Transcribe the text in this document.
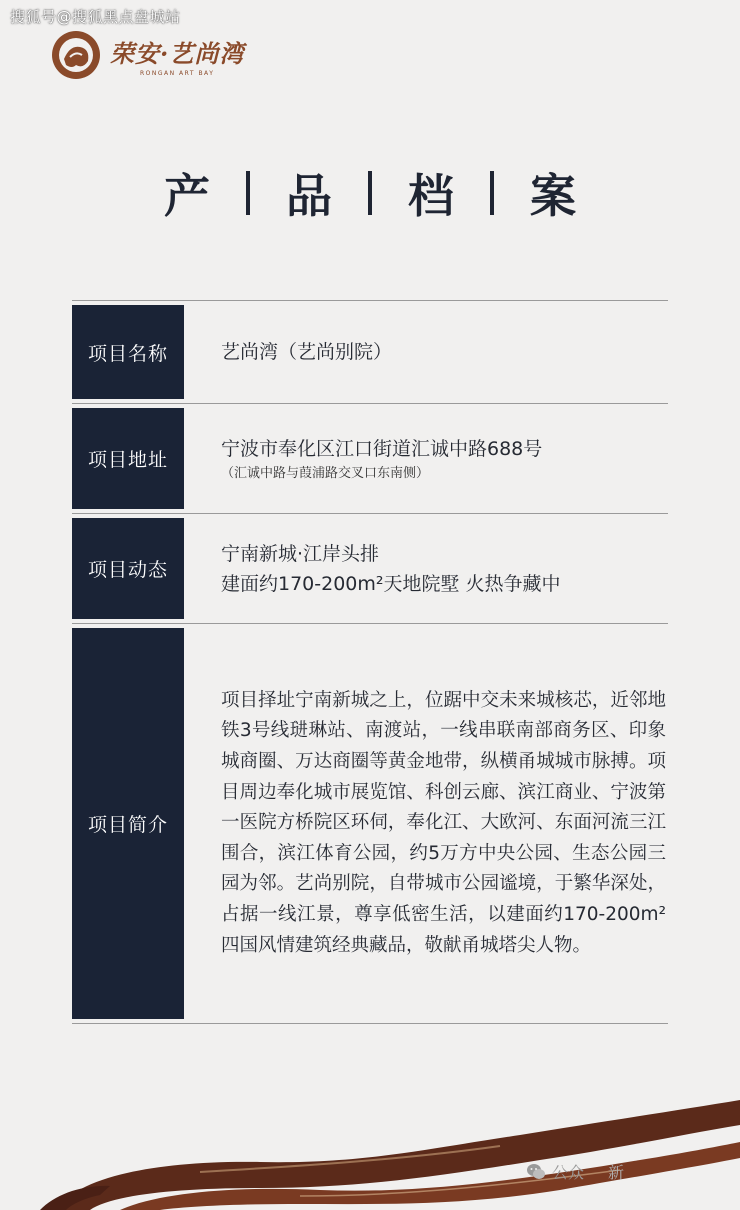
搜狐号@搜狐黑点盘城站
荣安·艺尚湾
RONGAN ART BAY
产 品 档 案
项目名称	艺尚湾（艺尚别院）
项目地址
宁波市奉化区江口街道汇诚中路688号
（汇诚中路与葭浦路交叉口东南侧）
项目动态
宁南新城·江岸头排
建面约170-200m²天地院墅 火热争藏中
项目简介
项目择址宁南新城之上，位踞中交未来城核芯，近邻地铁3号线琎琳站、南渡站，一线串联南部商务区、印象城商圈、万达商圈等黄金地带，纵横甬城城市脉搏。项目周边奉化城市展览馆、科创云廊、滨江商业、宁波第一医院方桥院区环伺，奉化江、大欧河、东面河流三江围合，滨江体育公园，约5万方中央公园、生态公园三园为邻。艺尚别院，自带城市公园谧境，于繁华深处，占据一线江景，尊享低密生活，以建面约170-200m²四国风情建筑经典藏品，敬献甬城塔尖人物。
公众 新
